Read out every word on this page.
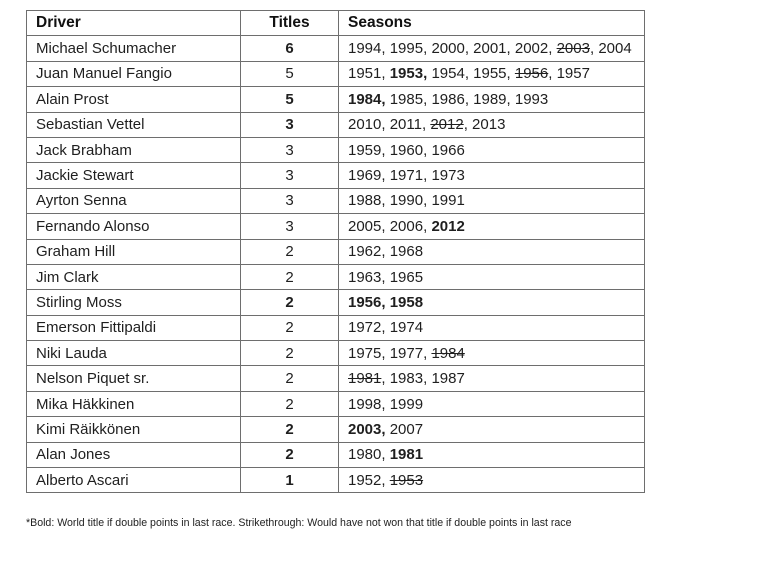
Driver	Titles	Seasons
Michael Schumacher	6	1994, 1995, 2000, 2001, 2002, 2003, 2004
Juan Manuel Fangio	5	1951, 1953, 1954, 1955, 1956, 1957
Alain Prost	5	1984, 1985, 1986, 1989, 1993
Sebastian Vettel	3	2010, 2011, 2012, 2013
Jack Brabham	3	1959, 1960, 1966
Jackie Stewart	3	1969, 1971, 1973
Ayrton Senna	3	1988, 1990, 1991
Fernando Alonso	3	2005, 2006, 2012
Graham Hill	2	1962, 1968
Jim Clark	2	1963, 1965
Stirling Moss	2	1956, 1958
Emerson Fittipaldi	2	1972, 1974
Niki Lauda	2	1975, 1977, 1984
Nelson Piquet sr.	2	1981, 1983, 1987
Mika Häkkinen	2	1998, 1999
Kimi Räikkönen	2	2003, 2007
Alan Jones	2	1980, 1981
Alberto Ascari	1	1952, 1953
*Bold: World title if double points in last race. Strikethrough: Would have not won that title if double points in last race
